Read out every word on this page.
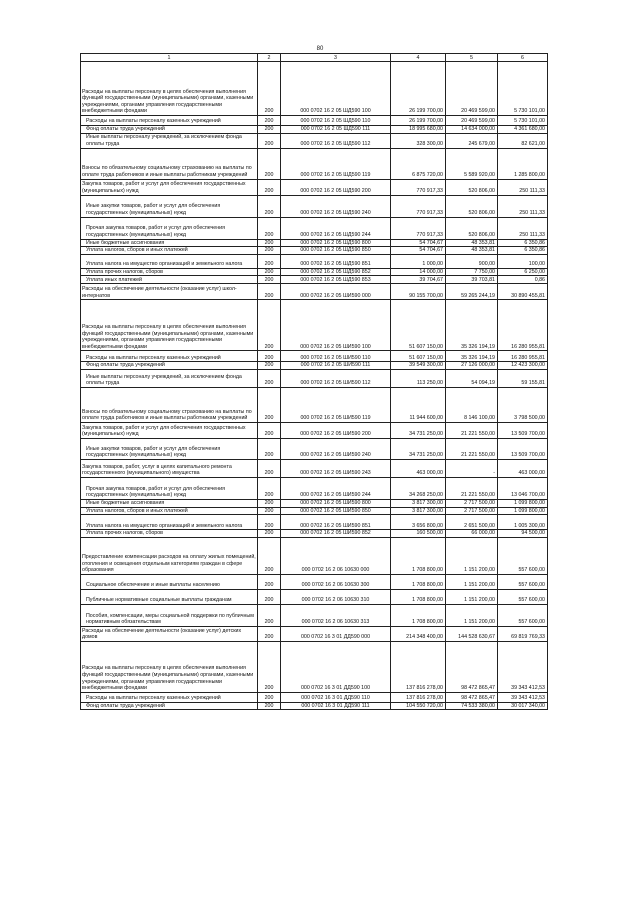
80
1	2	3	4	5	6
Расходы на выплаты персоналу в целях обеспечения выполнения функций государственными (муниципальными) органами, казенными учреждениями, органами управления государственными внебюджетными фондами	200	000 0702 16 2 05 ШД590 100	26 199 700,00	20 469 599,00	5 730 101,00
Расходы на выплаты персоналу казенных учреждений	200	000 0702 16 2 05 ШД590 110	26 199 700,00	20 469 599,00	5 730 101,00
Фонд оплаты труда учреждений	200	000 0702 16 2 05 ШД590 111	18 995 680,00	14 634 000,00	4 361 680,00
Иные выплаты персоналу учреждений, за исключением фонда оплаты труда	200	000 0702 16 2 05 ШД590 112	328 300,00	245 679,00	82 621,00
Взносы по обязательному социальному страхованию на выплаты по оплате труда работников и иные выплаты работникам учреждений	200	000 0702 16 2 05 ШД590 119	6 875 720,00	5 589 920,00	1 285 800,00
Закупка товаров, работ и услуг для обеспечения государственных (муниципальных) нужд	200	000 0702 16 2 05 ШД590 200	770 917,33	520 806,00	250 111,33
Иные закупки товаров, работ и услуг для обеспечения государственных (муниципальных) нужд	200	000 0702 16 2 05 ШД590 240	770 917,33	520 806,00	250 111,33
Прочая закупка товаров, работ и услуг для обеспечения государственных (муниципальных) нужд	200	000 0702 16 2 05 ШД590 244	770 917,33	520 806,00	250 111,33
Иные бюджетные ассигнования	200	000 0702 16 2 05 ШД590 800	54 704,67	48 353,81	6 350,86
Уплата налогов, сборов и иных платежей	200	000 0702 16 2 05 ШД590 850	54 704,67	48 353,81	6 350,86
Уплата налога на имущество организаций и земельного налога	200	000 0702 16 2 05 ШД590 851	1 000,00	900,00	100,00
Уплата прочих налогов, сборов	200	000 0702 16 2 05 ШД590 852	14 000,00	7 750,00	6 250,00
Уплата иных платежей	200	000 0702 16 2 05 ШД590 853	39 704,67	39 703,81	0,86
Расходы на обеспечение деятельности (оказание услуг) школ-интернатов	200	000 0702 16 2 05 ШИ590 000	90 155 700,00	59 265 244,19	30 890 455,81
Расходы на выплаты персоналу в целях обеспечения выполнения функций государственными (муниципальными) органами, казенными учреждениями, органами управления государственными внебюджетными фондами	200	000 0702 16 2 05 ШИ590 100	51 607 150,00	35 326 194,19	16 280 955,81
Расходы на выплаты персоналу казенных учреждений	200	000 0702 16 2 05 ШИ590 110	51 607 150,00	35 326 194,19	16 280 955,81
Фонд оплаты труда учреждений	200	000 0702 16 2 05 ШИ590 111	39 549 300,00	27 126 000,00	12 423 300,00
Иные выплаты персоналу учреждений, за исключением фонда оплаты труда	200	000 0702 16 2 05 ШИ590 112	113 250,00	54 094,19	59 155,81
Взносы по обязательному социальному страхованию на выплаты по оплате труда работников и иные выплаты работникам учреждений	200	000 0702 16 2 05 ШИ590 119	11 944 600,00	8 146 100,00	3 798 500,00
Закупка товаров, работ и услуг для обеспечения государственных (муниципальных) нужд	200	000 0702 16 2 05 ШИ590 200	34 731 250,00	21 221 550,00	13 509 700,00
Иные закупки товаров, работ и услуг для обеспечения государственных (муниципальных) нужд	200	000 0702 16 2 05 ШИ590 240	34 731 250,00	21 221 550,00	13 509 700,00
Закупка товаров, работ, услуг в целях капитального ремонта государственного (муниципального) имущества	200	000 0702 16 2 05 ШИ590 243	463 000,00	-	463 000,00
Прочая закупка товаров, работ и услуг для обеспечения государственных (муниципальных) нужд	200	000 0702 16 2 05 ШИ590 244	34 268 250,00	21 221 550,00	13 046 700,00
Иные бюджетные ассигнования	200	000 0702 16 2 05 ШИ590 800	3 817 300,00	2 717 500,00	1 099 800,00
Уплата налогов, сборов и иных платежей	200	000 0702 16 2 05 ШИ590 850	3 817 300,00	2 717 500,00	1 099 800,00
Уплата налога на имущество организаций и земельного налога	200	000 0702 16 2 05 ШИ590 851	3 656 800,00	2 651 500,00	1 005 300,00
Уплата прочих налогов, сборов	200	000 0702 16 2 05 ШИ590 852	160 500,00	66 000,00	94 500,00
Предоставление компенсации расходов на оплату жилых помещений, отопления и освещения отдельным категориям граждан в сфере образования	200	000 0702 16 2 06 10630 000	1 708 800,00	1 151 200,00	557 600,00
Социальное обеспечение и иные выплаты населению	200	000 0702 16 2 06 10630 300	1 708 800,00	1 151 200,00	557 600,00
Публичные нормативные социальные выплаты гражданам	200	000 0702 16 2 06 10630 310	1 708 800,00	1 151 200,00	557 600,00
Пособия, компенсации, меры социальной поддержки по публичным нормативным обязательствам	200	000 0702 16 2 06 10630 313	1 708 800,00	1 151 200,00	557 600,00
Расходы на обеспечение деятельности (оказание услуг) детских домов	200	000 0702 16 3 01 ДД590 000	214 348 400,00	144 528 630,67	69 819 769,33
Расходы на выплаты персоналу в целях обеспечения выполнения функций государственными (муниципальными) органами, казенными учреждениями, органами управления государственными внебюджетными фондами	200	000 0702 16 3 01 ДД590 100	137 816 278,00	98 472 865,47	39 343 412,53
Расходы на выплаты персоналу казенных учреждений	200	000 0702 16 3 01 ДД590 110	137 816 278,00	98 472 865,47	39 343 412,53
Фонд оплаты труда учреждений	200	000 0702 16 3 01 ДД590 111	104 550 720,00	74 533 380,00	30 017 340,00
